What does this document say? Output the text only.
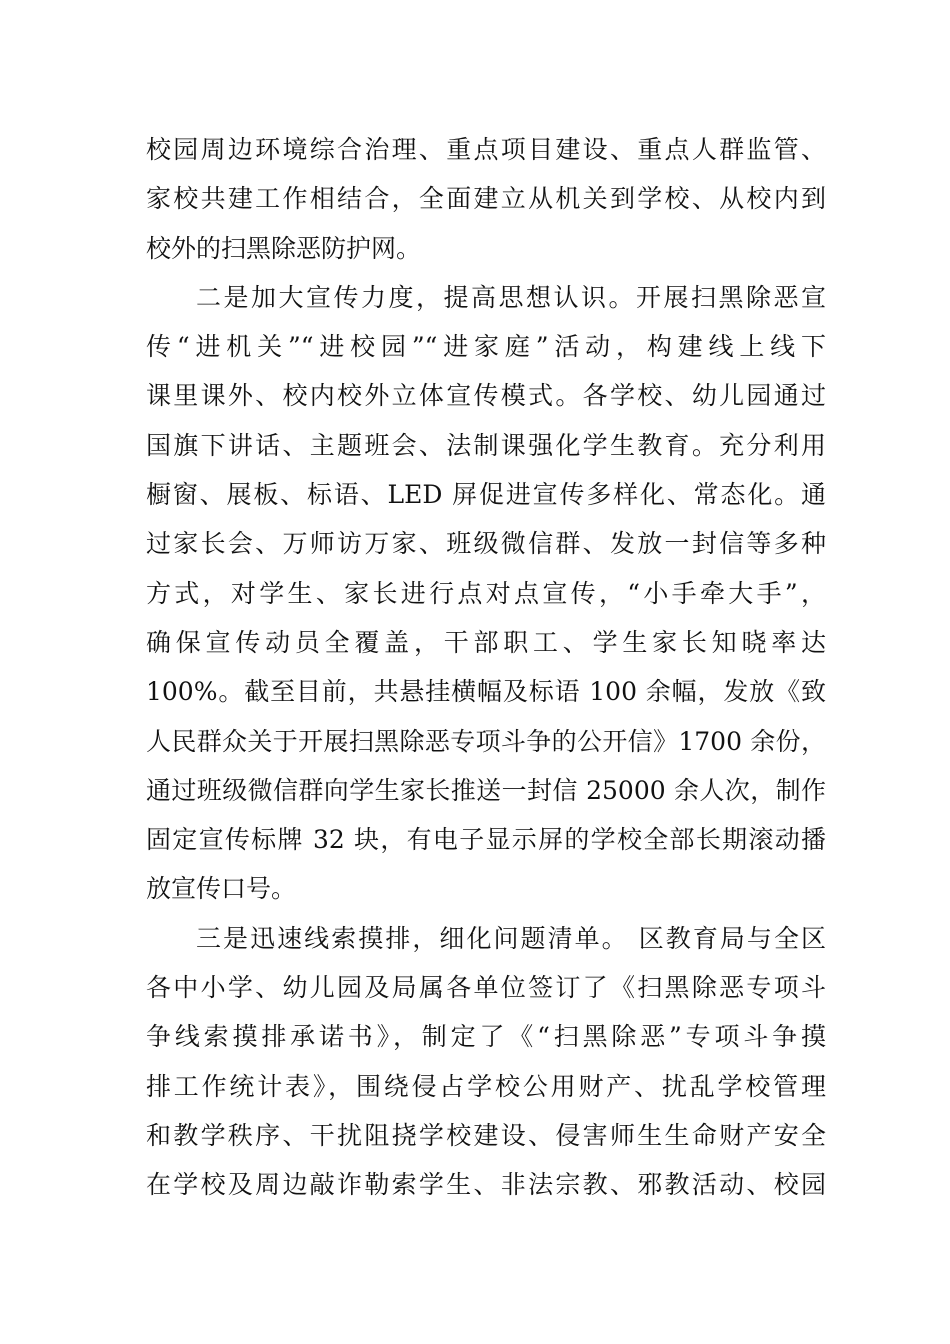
校园周边环境综合治理、重点项目建设、重点人群监管、
家校共建工作相结合，全面建立从机关到学校、从校内到
校外的扫黑除恶防护网。
二是加大宣传力度，提高思想认识。开展扫黑除恶宣
传“进机关”“进校园”“进家庭”活动，构建线上线下
课里课外、校内校外立体宣传模式。各学校、幼儿园通过
国旗下讲话、主题班会、法制课强化学生教育。充分利用
橱窗、展板、标语、LED 屏促进宣传多样化、常态化。通
过家长会、万师访万家、班级微信群、发放一封信等多种
方式，对学生、家长进行点对点宣传，“小手牵大手”，
确保宣传动员全覆盖，干部职工、学生家长知晓率达
100%。截至目前，共悬挂横幅及标语 100 余幅，发放《致
人民群众关于开展扫黑除恶专项斗争的公开信》1700 余份，
通过班级微信群向学生家长推送一封信 25000 余人次，制作
固定宣传标牌 32 块，有电子显示屏的学校全部长期滚动播
放宣传口号。
三是迅速线索摸排，细化问题清单。 区教育局与全区
各中小学、幼儿园及局属各单位签订了《扫黑除恶专项斗
争线索摸排承诺书》，制定了《“扫黑除恶”专项斗争摸
排工作统计表》，围绕侵占学校公用财产、扰乱学校管理
和教学秩序、干扰阻挠学校建设、侵害师生生命财产安全
在学校及周边敲诈勒索学生、非法宗教、邪教活动、校园
